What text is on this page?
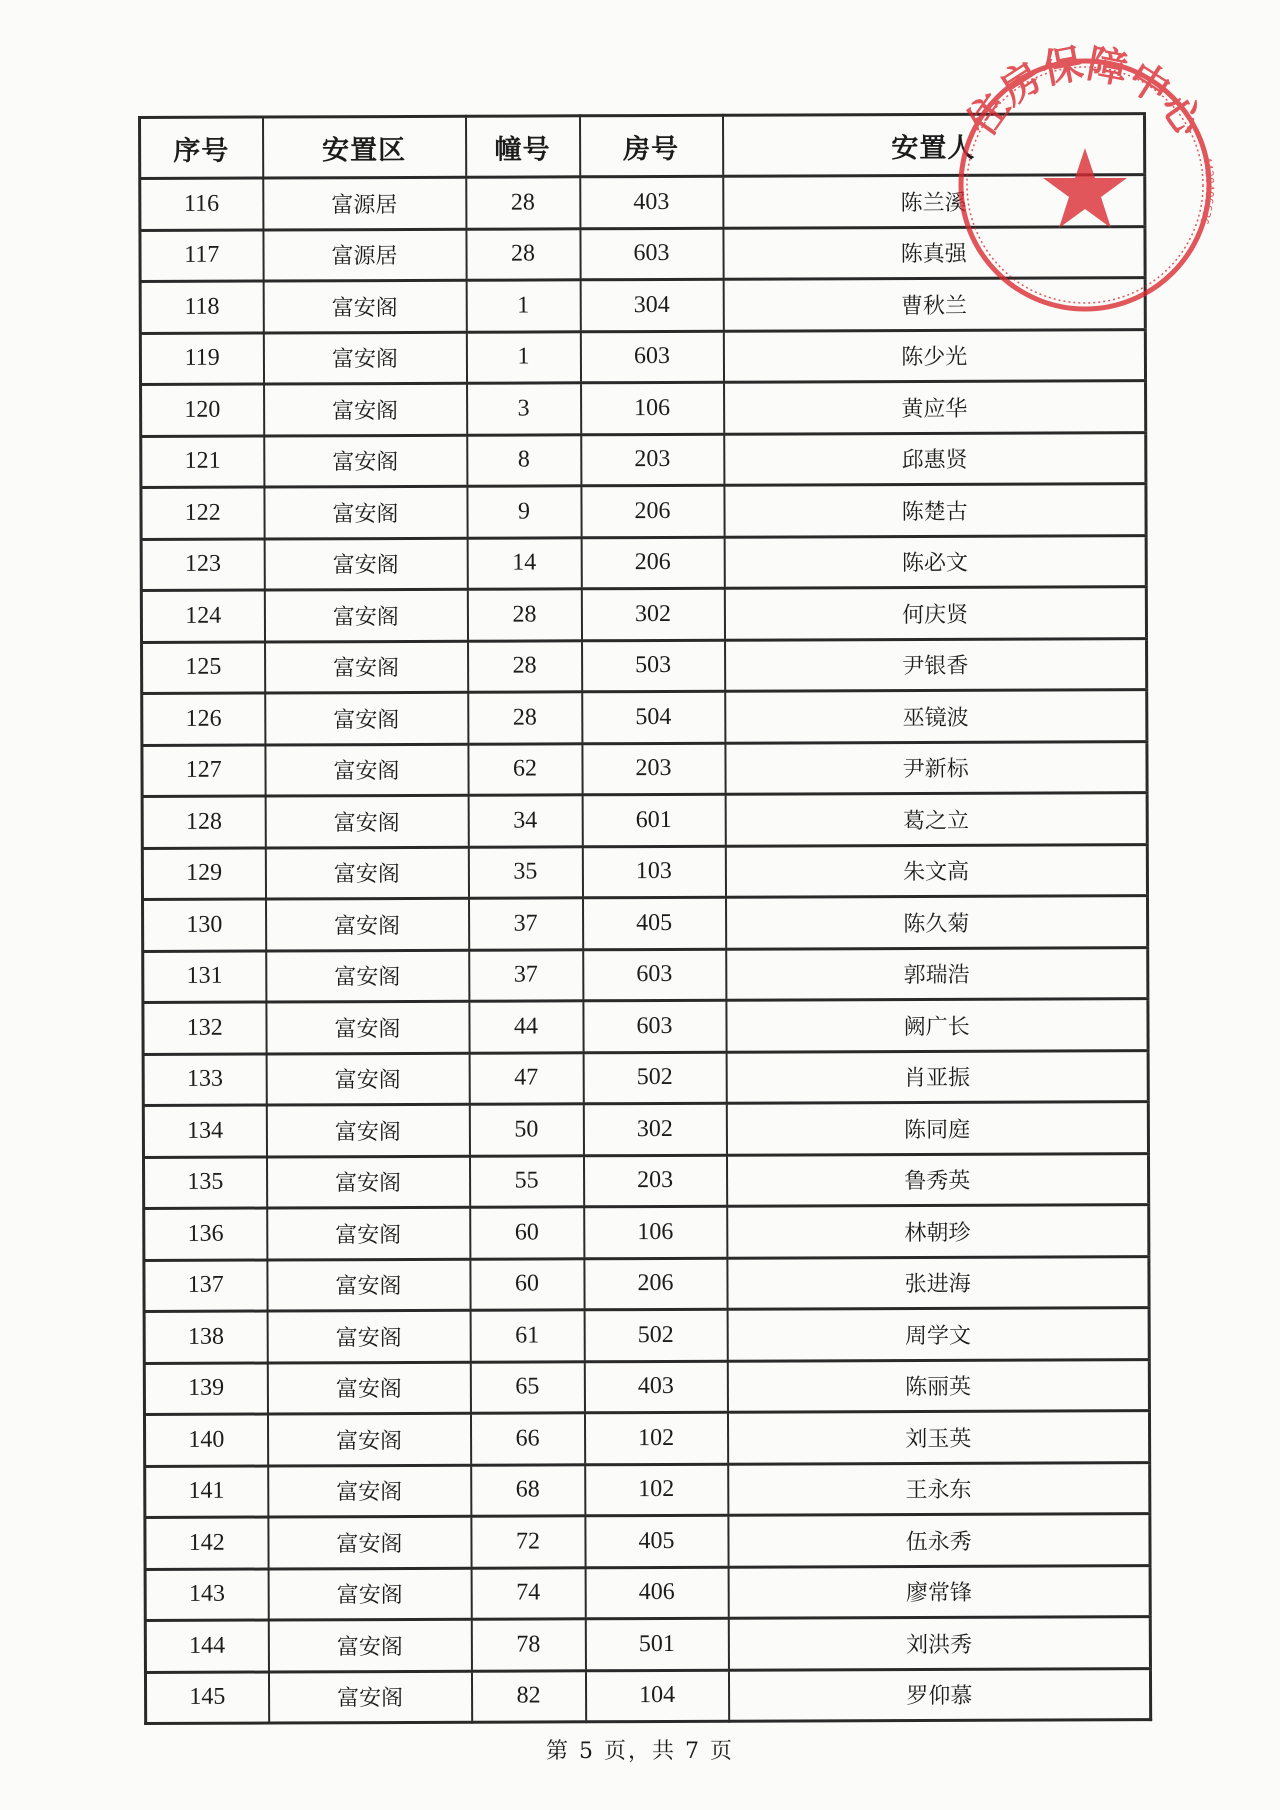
序号	安置区	幢号	房号	安置人
116	富源居	28	403	陈兰溪
117	富源居	28	603	陈真强
118	富安阁	1	304	曹秋兰
119	富安阁	1	603	陈少光
120	富安阁	3	106	黄应华
121	富安阁	8	203	邱惠贤
122	富安阁	9	206	陈楚古
123	富安阁	14	206	陈必文
124	富安阁	28	302	何庆贤
125	富安阁	28	503	尹银香
126	富安阁	28	504	巫镜波
127	富安阁	62	203	尹新标
128	富安阁	34	601	葛之立
129	富安阁	35	103	朱文高
130	富安阁	37	405	陈久菊
131	富安阁	37	603	郭瑞浩
132	富安阁	44	603	阙广长
133	富安阁	47	502	肖亚振
134	富安阁	50	302	陈同庭
135	富安阁	55	203	鲁秀英
136	富安阁	60	106	林朝珍
137	富安阁	60	206	张进海
138	富安阁	61	502	周学文
139	富安阁	65	403	陈丽英
140	富安阁	66	102	刘玉英
141	富安阁	68	102	王永东
142	富安阁	72	405	伍永秀
143	富安阁	74	406	廖常锋
144	富安阁	78	501	刘洪秀
145	富安阁	82	104	罗仰慕
住房保障中心
4420406636
第 5 页，共 7 页
